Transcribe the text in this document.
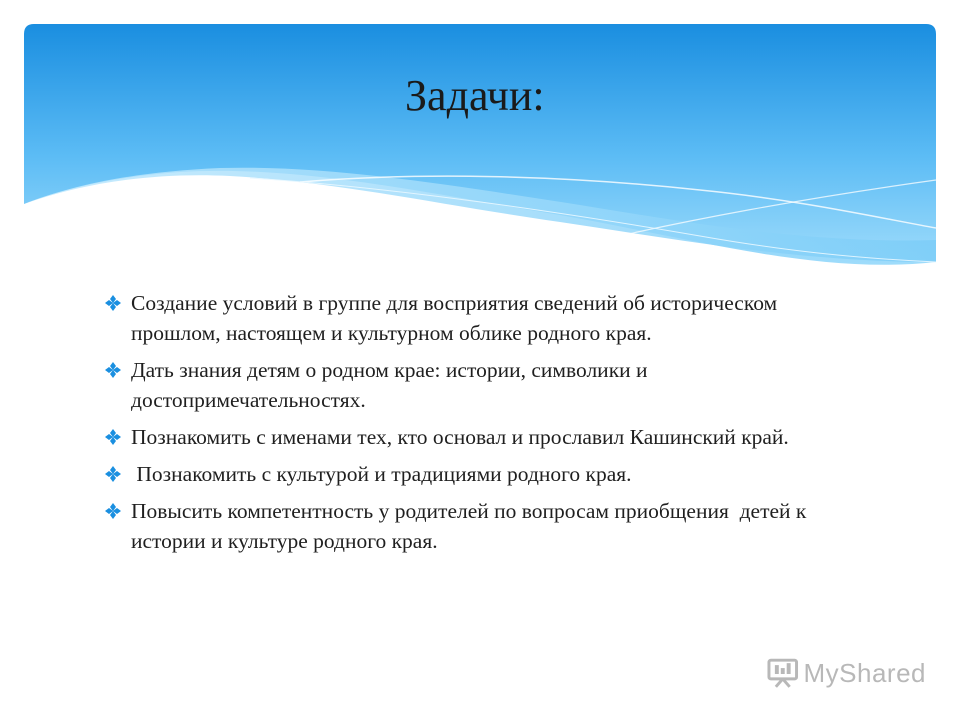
Задачи:
Создание условий в группе для восприятия сведений об историческом прошлом, настоящем и культурном облике родного края.
Дать знания детям о родном крае: истории, символики и достопримечательностях.
Познакомить с именами тех, кто основал и прославил Кашинский край.
Познакомить с культурой и традициями родного края.
Повысить компетентность у родителей по вопросам приобщения  детей к истории и культуре родного края.
MyShared
